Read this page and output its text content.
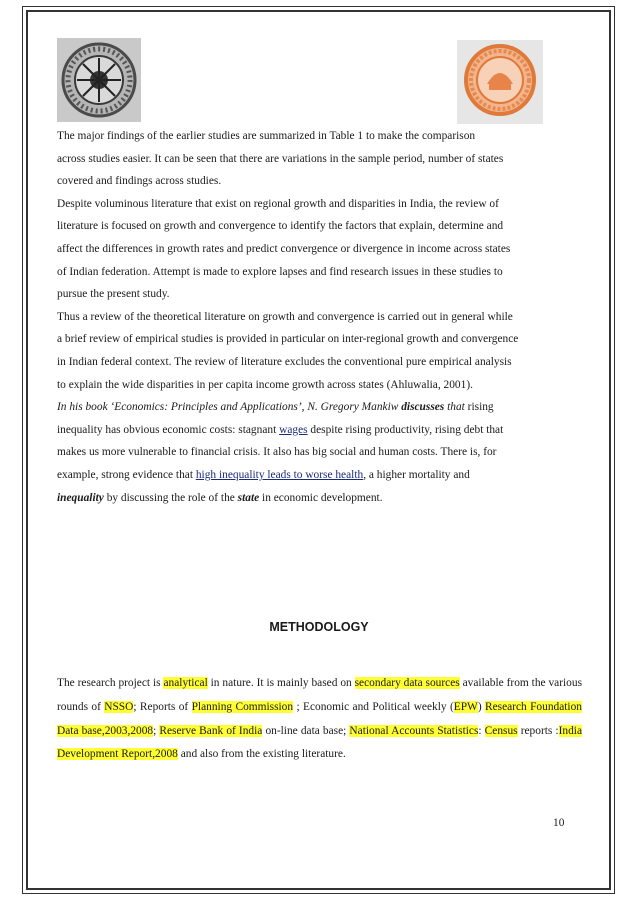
The major findings of the earlier studies are summarized in Table 1 to make the comparison

across studies easier. It can be seen that there are variations in the sample period, number of states

covered and findings across studies.

Despite voluminous literature that exist on regional growth and disparities in India, the review of

literature is focused on growth and convergence to identify the factors that explain, determine and

affect the differences in growth rates and predict convergence or divergence in income across states

of Indian federation. Attempt is made to explore lapses and find research issues in these studies to

pursue the present study.

Thus a review of the theoretical literature on growth and convergence is carried out in general while

a brief review of empirical studies is provided in particular on inter-regional growth and convergence

in Indian federal context. The review of literature excludes the conventional pure empirical analysis

to explain the wide disparities in per capita income growth across states (Ahluwalia, 2001).

In his book ‘Economics: Principles and Applications’, N. Gregory Mankiw discusses that rising

inequality has obvious economic costs: stagnant wages despite rising productivity, rising debt that

makes us more vulnerable to financial crisis. It also has big social and human costs. There is, for

example, strong evidence that high inequality leads to worse health, a higher mortality and

inequality by discussing the role of the state in economic development.

METHODOLOGY

The research project is analytical in nature. It is mainly based on secondary data sources available from the various rounds of NSSO; Reports of Planning Commission ; Economic and Political weekly (EPW) Research Foundation Data base,2003,2008; Reserve Bank of India on-line data base; National Accounts Statistics: Census reports :India Development Report,2008 and also from the existing literature.

10
